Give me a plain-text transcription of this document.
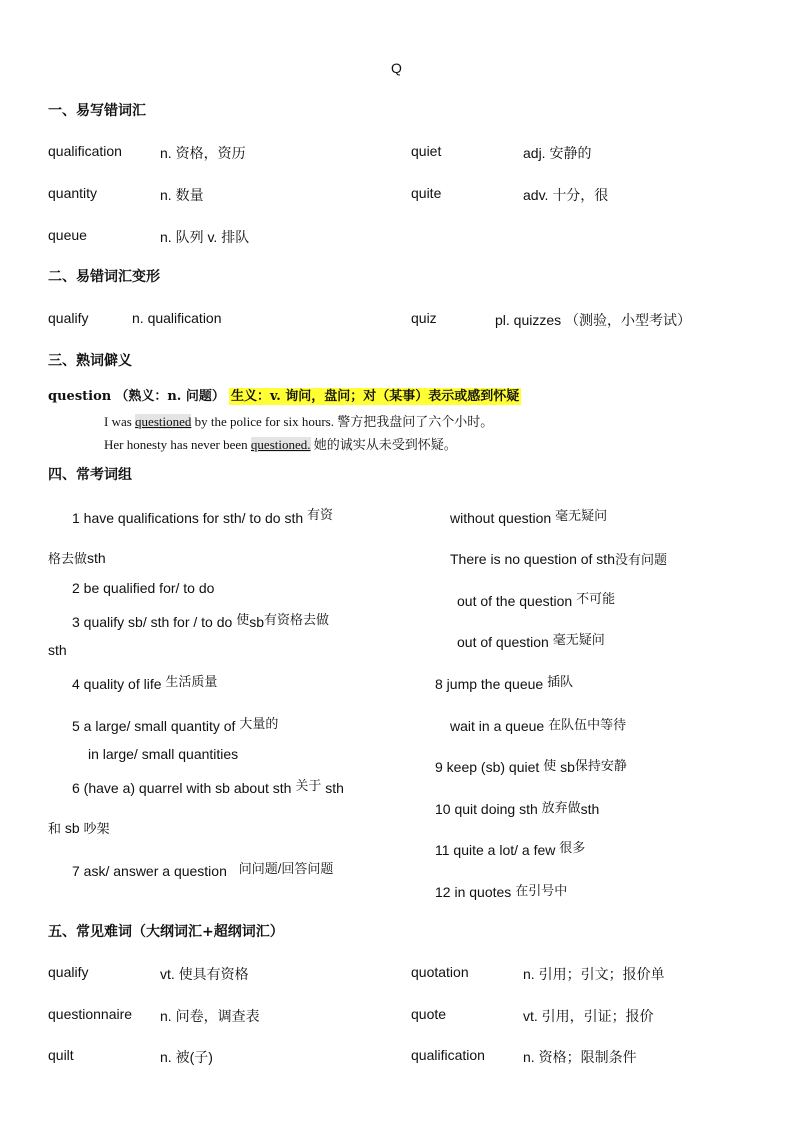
Q
一、易写错词汇
qualification	n. 资格，资历	quiet	adj. 安静的
quantity	n. 数量	quite	adv. 十分，很
queue	n. 队列 v. 排队
二、易错词汇变形
qualify	n. qualification	quiz	pl. quizzes （测验，小型考试）
三、熟词僻义
question （熟义：n. 问题） 生义：v. 询问，盘问；对（某事）表示或感到怀疑
I was questioned by the police for six hours. 警方把我盘问了六个小时。
Her honesty has never been questioned. 她的诚实从未受到怀疑。
四、常考词组
1 have qualifications for sth/ to do sth 有资
格去做sth
2 be qualified for/ to do
3 qualify sb/ sth for / to do 使sb有资格去做
sth
4 quality of life 生活质量
5 a large/ small quantity of 大量的
in large/ small quantities
6 (have a) quarrel with sb about sth 关于 sth
和 sb 吵架
7 ask/ answer a question 问问题/回答问题
without question 毫无疑问
There is no question of sth没有问题
out of the question 不可能
out of question 毫无疑问
8 jump the queue 插队
wait in a queue 在队伍中等待
9 keep (sb) quiet 使 sb保持安静
10 quit doing sth 放弃做sth
11 quite a lot/ a few 很多
12 in quotes 在引号中
五、常见难词（大纲词汇+超纲词汇）
qualify	vt. 使具有资格	quotation	n. 引用；引文；报价单
questionnaire n. 问卷，调查表	quote	vt. 引用，引证；报价
quilt	n. 被(子)	qualification	n. 资格；限制条件
